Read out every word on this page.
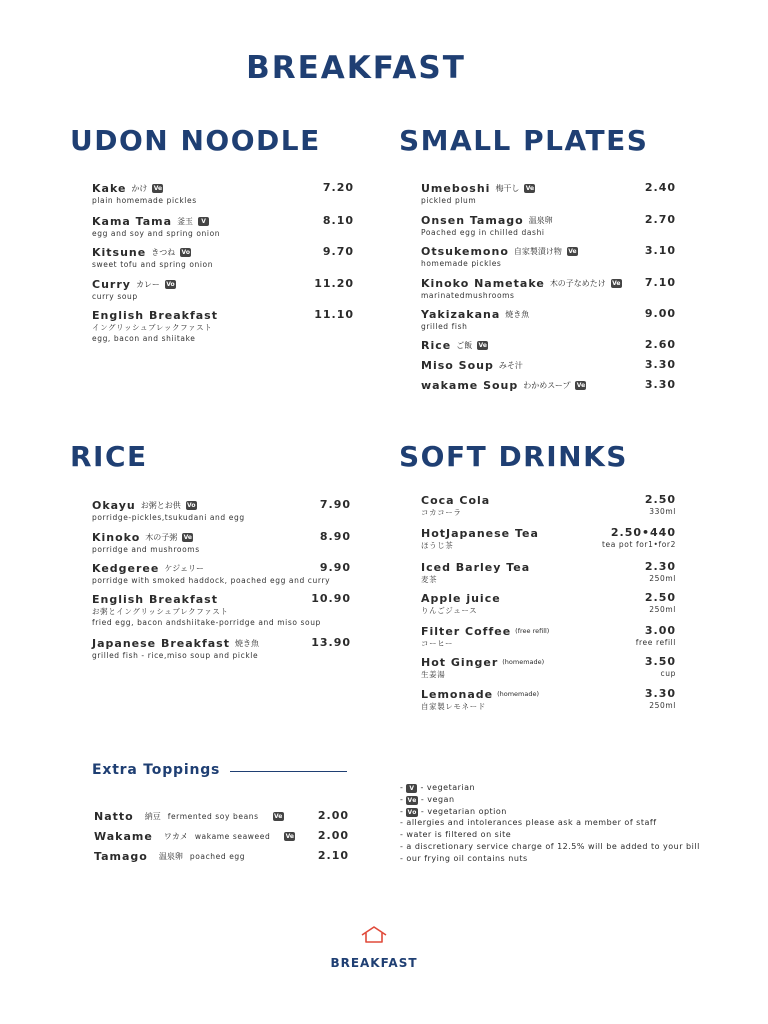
BREAKFAST
UDON NOODLE
Kake かけ Ve	7.20
plain homemade pickles
Kama Tama 釜玉	V	8.10
egg and soy and spring onion
Kitsune きつね Vo	9.70
sweet tofu and spring onion
Curry カレー Vo	11.20
curry soup
English Breakfast	11.10
イングリッシュブレックファスト
egg, bacon and shiitake
SMALL PLATES
Umeboshi 梅干し Ve	2.40
pickled plum
Onsen Tamago 温泉卵	2.70
Poached egg in chilled dashi
Otsukemono 自家製漬け物 Ve	3.10
homemade pickles
Kinoko Nametake 木の子なめたけ Ve 7.10
marinatedmushrooms
Yakizakana 焼き魚	9.00
grilled fish
Rice ご飯 Ve	2.60
Miso Soup みそ汁	3.30
wakame Soup わかめスープ Ve	3.30
RICE
Okayu お粥とお供 Vo	7.90
porridge-pickles,tsukudani and egg
Kinoko 木の子粥 Ve	8.90
porridge and mushrooms
Kedgeree ケジェリー	9.90
porridge with smoked haddock, poached egg and curry
English Breakfast	10.90
お粥とイングリッシュブレクファスト
fried egg, bacon andshiitake-porridge and miso soup
Japanese Breakfast 焼き魚	13.90
grilled fish - rice,miso soup and pickle
SOFT DRINKS
Coca Cola	2.50
コカコーラ	330ml
HotJapanese Tea	2.50•440
ほうじ茶	tea pot for1•for2
Iced Barley Tea	2.30
麦茶	250ml
Apple juice	2.50
りんごジュース	250ml
Filter Coffee (free refill)	3.00
コーヒー	free refill
Hot Ginger (homemade)	3.50
生姜湯	cup
Lemonade (homemade)	3.30
自家製レモネード	250ml
Extra Toppings
Natto 納豆 fermented soy beans	Ve	2.00
Wakame ワカメ wakame seaweed	Ve 2.00
Tamago 温泉卵 poached egg	2.10
- V - vegetarian
- Ve - vegan
- Vo - vegetarian option
- allergies and intolerances please ask a member of staff
- water is filtered on site
- a discretionary service charge of 12.5% will be added to your bill
- our frying oil contains nuts
BREAKFAST
